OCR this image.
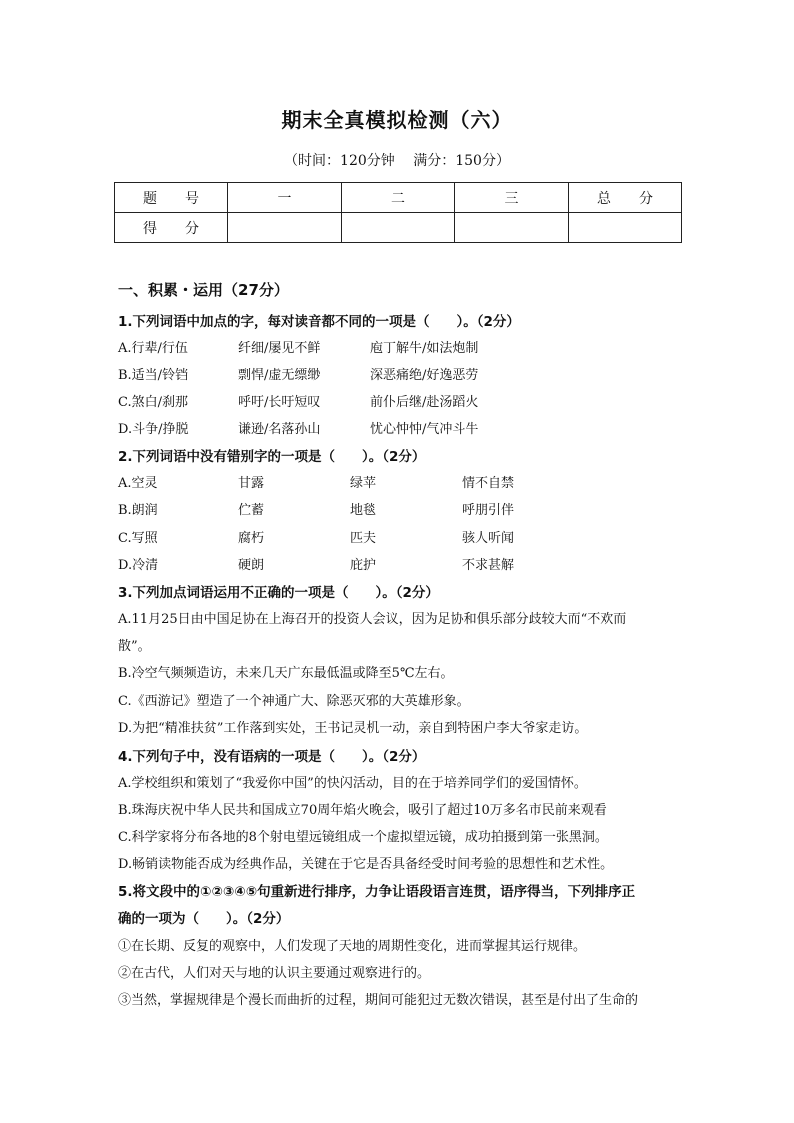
期末全真模拟检测（六）
（时间：120分钟　 满分：150分）
题　　号	一	二	三	总　　分
得　　分				
一、积累・运用（27分）
1.下列词语中加点的字，每对读音都不同的一项是（　　）。（2分）
A.行辈/行伍	纤细/屡见不鲜	庖丁解牛/如法炮制
B.适当/铃铛	剽悍/虚无缥缈	深恶痛绝/好逸恶劳
C.煞白/刹那	呼吁/长吁短叹	前仆后继/赴汤蹈火
D.斗争/挣脱	谦逊/名落孙山	忧心忡忡/气冲斗牛
2.下列词语中没有错别字的一项是（　　）。（2分）
A.空灵	甘露	绿苹	情不自禁
B.朗润	伫蓄	地毯	呼朋引伴
C.写照	腐朽	匹夫	骇人听闻
D.冷清	硬朗	庇护	不求甚解
3.下列加点词语运用不正确的一项是（　　）。（2分）
A.11月25日由中国足协在上海召开的投资人会议，因为足协和俱乐部分歧较大而“不欢而
散”。
B.冷空气频频造访，未来几天广东最低温或降至5℃左右。
C.《西游记》塑造了一个神通广大、除恶灭邪的大英雄形象。
D.为把“精准扶贫”工作落到实处，王书记灵机一动，亲自到特困户李大爷家走访。
4.下列句子中，没有语病的一项是（　　）。（2分）
A.学校组织和策划了“我爱你中国”的快闪活动，目的在于培养同学们的爱国情怀。
B.珠海庆祝中华人民共和国成立70周年焰火晚会，吸引了超过10万多名市民前来观看
C.科学家将分布各地的8个射电望远镜组成一个虚拟望远镜，成功拍摄到第一张黑洞。
D.畅销读物能否成为经典作品，关键在于它是否具备经受时间考验的思想性和艺术性。
5.将文段中的①②③④⑤句重新进行排序，力争让语段语言连贯，语序得当，下列排序正
确的一项为（　　）。（2分）
①在长期、反复的观察中，人们发现了天地的周期性变化，进而掌握其运行规律。
②在古代，人们对天与地的认识主要通过观察进行的。
③当然，掌握规律是个漫长而曲折的过程，期间可能犯过无数次错误，甚至是付出了生命的
